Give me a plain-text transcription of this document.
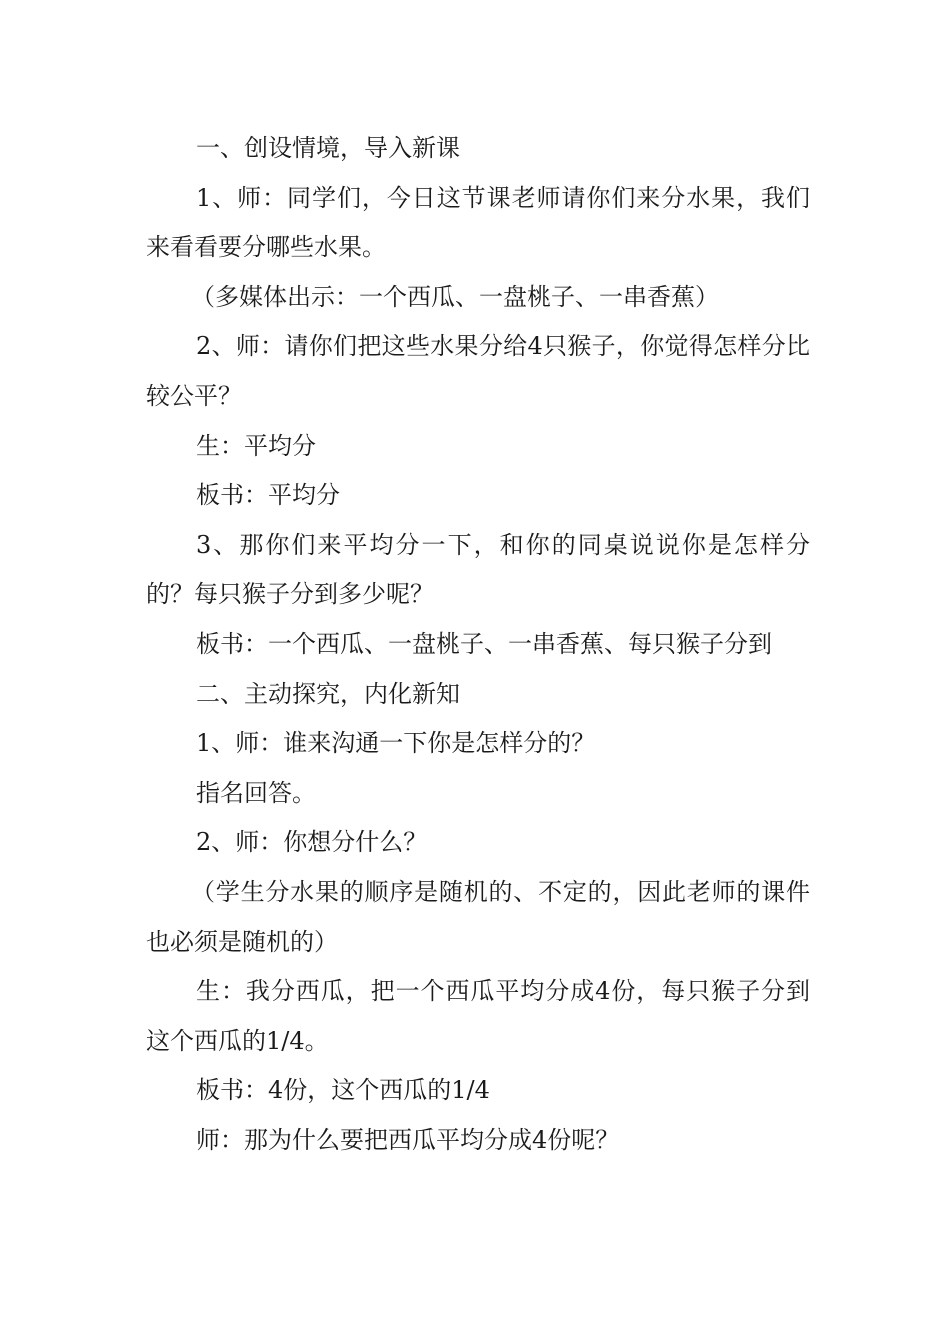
一、创设情境，导入新课

1、师：同学们，今日这节课老师请你们来分水果，我们来看看要分哪些水果。

（多媒体出示：一个西瓜、一盘桃子、一串香蕉）

2、师：请你们把这些水果分给4只猴子，你觉得怎样分比较公平？

生：平均分

板书：平均分

3、那你们来平均分一下，和你的同桌说说你是怎样分的？每只猴子分到多少呢？

板书：一个西瓜、一盘桃子、一串香蕉、每只猴子分到

二、主动探究，内化新知

1、师：谁来沟通一下你是怎样分的？

指名回答。

2、师：你想分什么？

（学生分水果的顺序是随机的、不定的，因此老师的课件也必须是随机的）

生：我分西瓜，把一个西瓜平均分成4份，每只猴子分到这个西瓜的1/4。

板书：4份，这个西瓜的1/4

师：那为什么要把西瓜平均分成4份呢？
